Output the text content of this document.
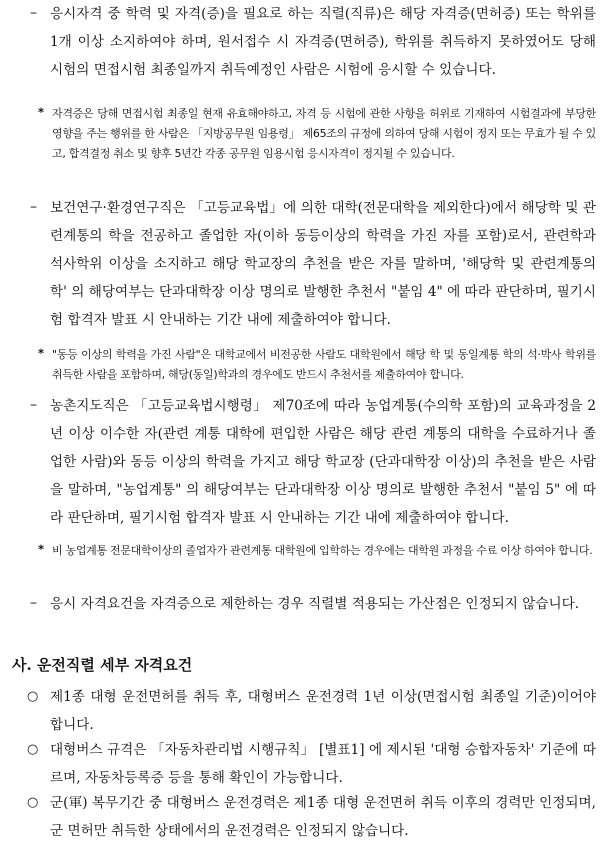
– 응시자격 중 학력 및 자격(증)을 필요로 하는 직렬(직류)은 해당 자격증(면허증) 또는 학위를 1개 이상 소지하여야 하며, 원서접수 시 자격증(면허증), 학위를 취득하지 못하였어도 당해 시험의 면접시험 최종일까지 취득예정인 사람은 시험에 응시할 수 있습니다.
* 자격증은 당해 면접시험 최종일 현재 유효해야하고, 자격 등 시험에 관한 사항을 허위로 기재하여 시험결과에 부당한 영향을 주는 행위를 한 사람은 「지방공무원 임용령」 제65조의 규정에 의하여 당해 시험이 정지 또는 무효가 될 수 있고, 합격결정 취소 및 향후 5년간 각종 공무원 임용시험 응시자격이 정지될 수 있습니다.
– 보건연구·환경연구직은 「고등교육법」에 의한 대학(전문대학을 제외한다)에서 해당학 및 관련계통의 학을 전공하고 졸업한 자(이하 동등이상의 학력을 가진 자를 포함)로서, 관련학과 석사학위 이상을 소지하고 해당 학교장의 추천을 받은 자를 말하며, '해당학 및 관련계통의 학' 의 해당여부는 단과대학장 이상 명의로 발행한 추천서 "붙임 4" 에 따라 판단하며, 필기시험 합격자 발표 시 안내하는 기간 내에 제출하여야 합니다.
* "동등 이상의 학력을 가진 사람"은 대학교에서 비전공한 사람도 대학원에서 해당 학 및 동일계통 학의 석·박사 학위를 취득한 사람을 포함하며, 해당(동일)학과의 경우에도 반드시 추천서를 제출하여야 합니다.
– 농촌지도직은 「고등교육법시행령」 제70조에 따라 농업계통(수의학 포함)의 교육과정을 2년 이상 이수한 자(관련 계통 대학에 편입한 사람은 해당 관련 계통의 대학을 수료하거나 졸업한 사람)와 동등 이상의 학력을 가지고 해당 학교장 (단과대학장 이상)의 추천을 받은 사람을 말하며, "농업계통" 의 해당여부는 단과대학장 이상 명의로 발행한 추천서 "붙임 5" 에 따라 판단하며, 필기시험 합격자 발표 시 안내하는 기간 내에 제출하여야 합니다.
* 비 농업계통 전문대학이상의 졸업자가 관련계통 대학원에 입학하는 경우에는 대학원 과정을 수료 이상 하여야 합니다.
– 응시 자격요건을 자격증으로 제한하는 경우 직렬별 적용되는 가산점은 인정되지 않습니다.
사. 운전직렬 세부 자격요건
○ 제1종 대형 운전면허를 취득 후, 대형버스 운전경력 1년 이상(면접시험 최종일 기준)이어야 합니다.
○ 대형버스 규격은 「자동차관리법 시행규칙」 [별표1] 에 제시된 '대형 승합자동차' 기준에 따르며, 자동차등록증 등을 통해 확인이 가능합니다.
○ 군(軍) 복무기간 중 대형버스 운전경력은 제1종 대형 운전면허 취득 이후의 경력만 인정되며, 군 면허만 취득한 상태에서의 운전경력은 인정되지 않습니다.
